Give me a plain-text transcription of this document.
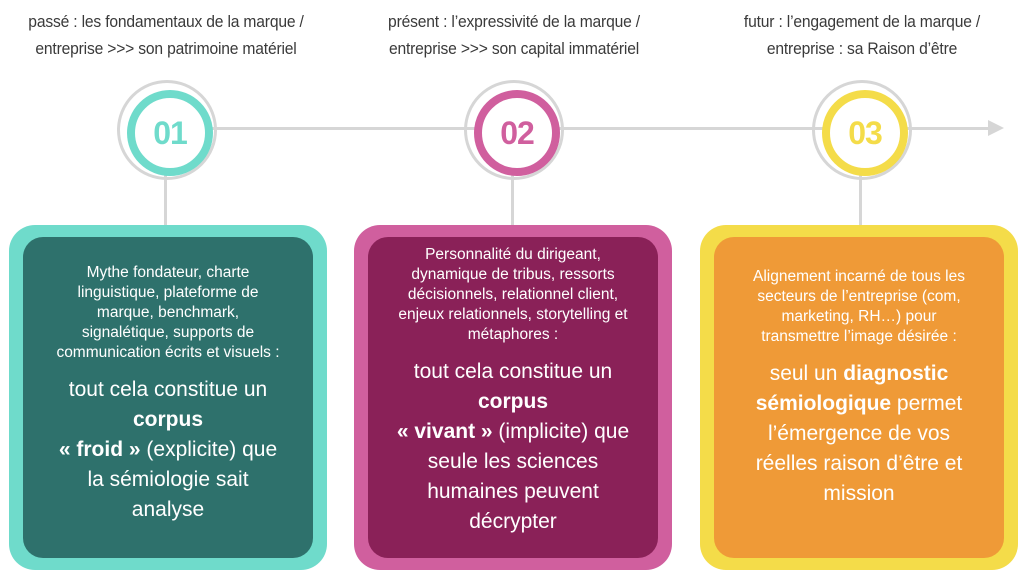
passé : les fondamentaux de la marque /
entreprise >>> son patrimoine matériel
présent : l’expressivité de la marque /
entreprise >>> son capital immatériel
futur : l’engagement de la marque /
entreprise : sa Raison d’être
01	02	03
Mythe fondateur, charte
linguistique, plateforme de
marque, benchmark,
signalétique, supports de
communication écrits et visuels :
tout cela constitue un
corpus
« froid » (explicite) que
la sémiologie sait
analyse
Personnalité du dirigeant,
dynamique de tribus, ressorts
décisionnels, relationnel client,
enjeux relationnels, storytelling et
métaphores :
tout cela constitue un
corpus
« vivant » (implicite) que
seule les sciences
humaines peuvent
décrypter
Alignement incarné de tous les
secteurs de l’entreprise (com,
marketing, RH…) pour
transmettre l’image désirée :
seul un diagnostic
sémiologique permet
l’émergence de vos
réelles raison d’être et
mission
